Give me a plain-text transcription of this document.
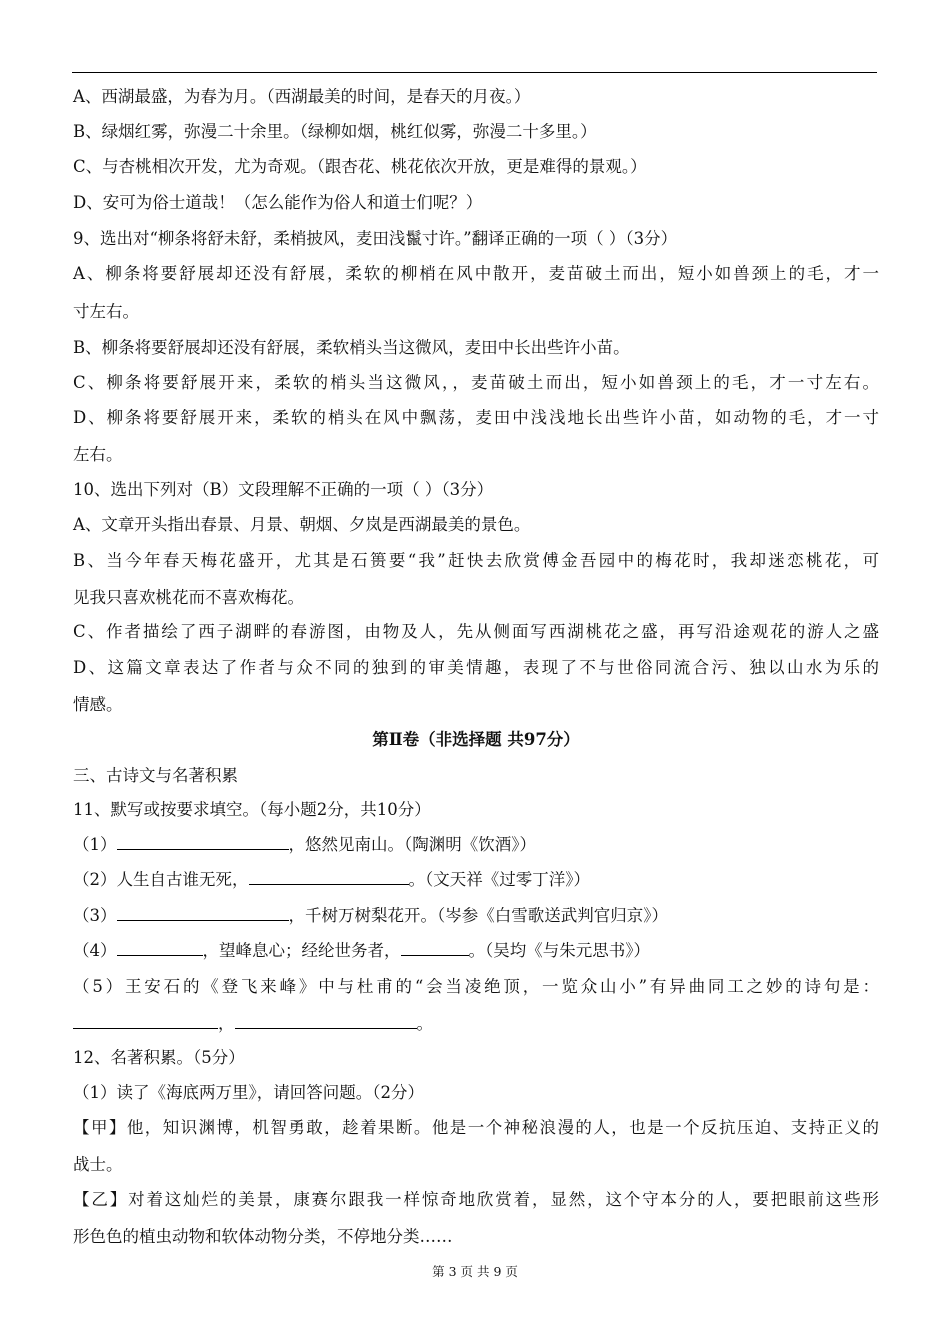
A、西湖最盛，为春为月。（西湖最美的时间，是春天的月夜。）
B、绿烟红雾，弥漫二十余里。（绿柳如烟，桃红似雾，弥漫二十多里。）
C、与杏桃相次开发，尤为奇观。（跟杏花、桃花依次开放，更是难得的景观。）
D、安可为俗士道哉！（怎么能作为俗人和道士们呢？）
9、选出对“柳条将舒未舒，柔梢披风，麦田浅鬣寸许。”翻译正确的一项（ ）（3分）
A、柳条将要舒展却还没有舒展，柔软的柳梢在风中散开，麦苗破土而出，短小如兽颈上的毛，才一
寸左右。
B、柳条将要舒展却还没有舒展，柔软梢头当这微风，麦田中长出些许小苗。
C、柳条将要舒展开来，柔软的梢头当这微风，，麦苗破土而出，短小如兽颈上的毛，才一寸左右。
D、柳条将要舒展开来，柔软的梢头在风中飘荡，麦田中浅浅地长出些许小苗，如动物的毛，才一寸
左右。
10、选出下列对（B）文段理解不正确的一项（ ）（3分）
A、文章开头指出春景、月景、朝烟、夕岚是西湖最美的景色。
B、当今年春天梅花盛开，尤其是石篑要“我”赶快去欣赏傅金吾园中的梅花时，我却迷恋桃花，可
见我只喜欢桃花而不喜欢梅花。
C、作者描绘了西子湖畔的春游图，由物及人，先从侧面写西湖桃花之盛，再写沿途观花的游人之盛
D、这篇文章表达了作者与众不同的独到的审美情趣，表现了不与世俗同流合污、独以山水为乐的
情感。
第Ⅱ卷（非选择题 共97分）
三、古诗文与名著积累
11、默写或按要求填空。（每小题2分，共10分）
（1）	，悠然见南山。（陶渊明《饮酒》）
（2）人生自古谁无死，	。（文天祥《过零丁洋》）
（3）	，千树万树梨花开。（岑参《白雪歌送武判官归京》）
（4）	，望峰息心；经纶世务者，	。（吴均《与朱元思书》）
（5）王安石的《登飞来峰》中与杜甫的“会当凌绝顶，一览众山小”有异曲同工之妙的诗句是：
，	。
12、名著积累。（5分）
（1）读了《海底两万里》，请回答问题。（2分）
【甲】他，知识渊博，机智勇敢，趁着果断。他是一个神秘浪漫的人，也是一个反抗压迫、支持正义的
战士。
【乙】对着这灿烂的美景，康赛尔跟我一样惊奇地欣赏着，显然，这个守本分的人，要把眼前这些形
形色色的植虫动物和软体动物分类，不停地分类……
第 3 页 共 9 页
